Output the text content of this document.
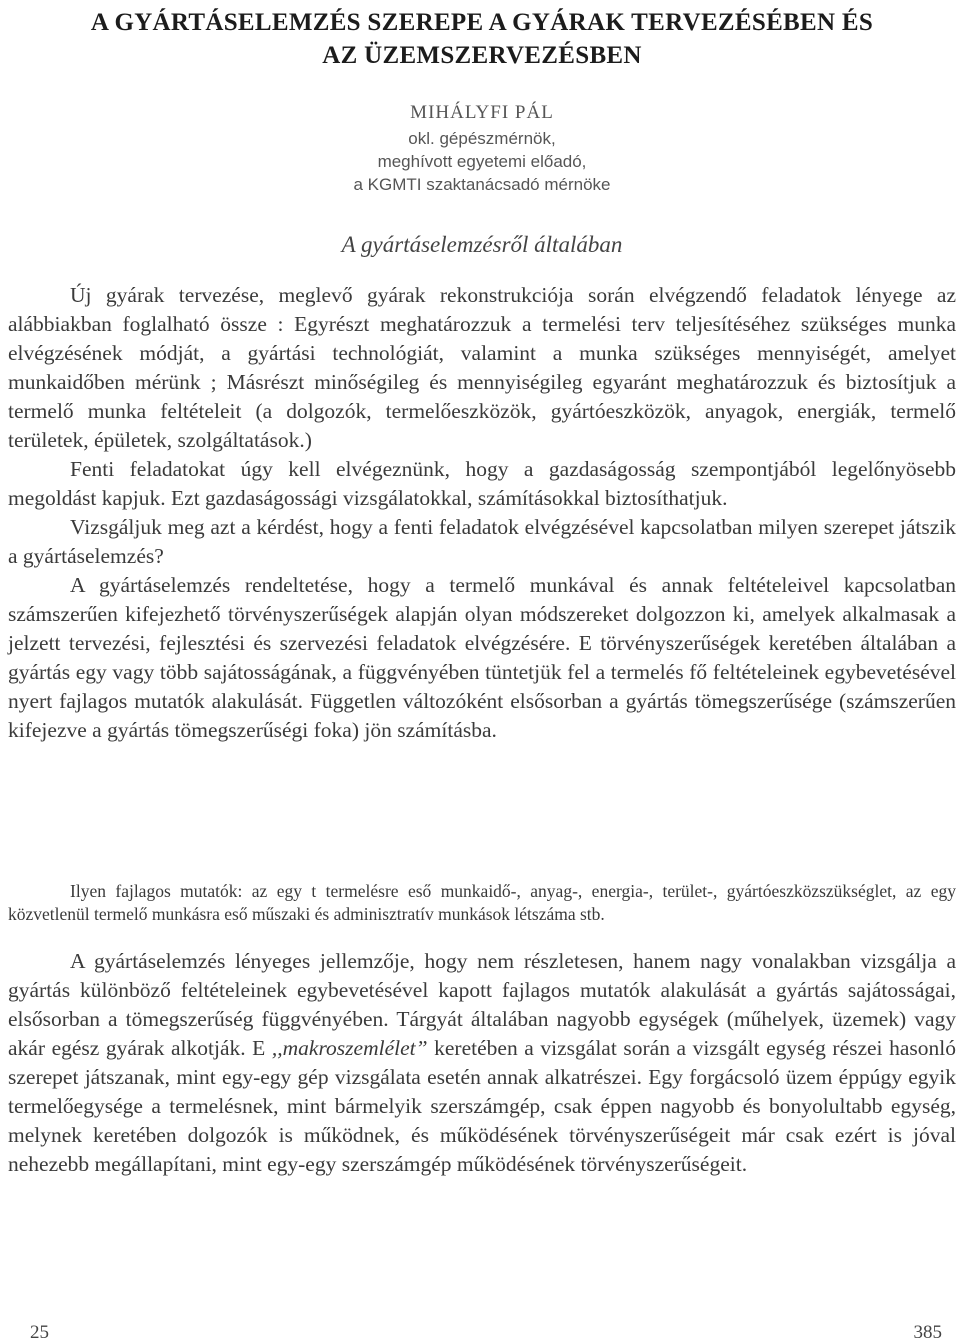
A GYÁRTÁSELEMZÉS SZEREPE A GYÁRAK TERVEZÉSÉBEN ÉS
AZ ÜZEMSZERVEZÉSBEN
MIHÁLYFI PÁL
okl. gépészmérnök,
meghívott egyetemi előadó,
a KGMTI szaktanácsadó mérnöke
A gyártáselemzésről általában

Új gyárak tervezése, meglevő gyárak rekonstrukciója során elvégzendő feladatok lényege az alábbiakban foglalható össze : Egyrészt meghatározzuk a termelési terv teljesítéséhez szükséges munka elvégzésének módját, a gyártási technológiát, valamint a munka szükséges mennyiségét, amelyet munkaidőben mérünk ; Másrészt minőségileg és mennyiségileg egyaránt meghatározzuk és biztosítjuk a termelő munka feltételeit (a dolgozók, termelőeszközök, gyártóeszközök, anyagok, energiák, termelő területek, épületek, szolgáltatások.)

Fenti feladatokat úgy kell elvégeznünk, hogy a gazdaságosság szempontjából legelőnyösebb megoldást kapjuk. Ezt gazdaságossági vizsgálatokkal, számításokkal biztosíthatjuk.

Vizsgáljuk meg azt a kérdést, hogy a fenti feladatok elvégzésével kapcsolatban milyen szerepet játszik a gyártáselemzés?

A gyártáselemzés rendeltetése, hogy a termelő munkával és annak feltételeivel kapcsolatban számszerűen kifejezhető törvényszerűségek alapján olyan módszereket dolgozzon ki, amelyek alkalmasak a jelzett tervezési, fejlesztési és szervezési feladatok elvégzésére. E törvényszerűségek keretében általában a gyártás egy vagy több sajátosságának, a függvényében tüntetjük fel a termelés fő feltételeinek egybevetésével nyert fajlagos mutatók alakulását. Független változóként elsősorban a gyártás tömegszerűsége (számszerűen kifejezve a gyártás tömegszerűségi foka) jön számításba.

Ilyen fajlagos mutatók: az egy t termelésre eső munkaidő-, anyag-, energia-, terület-, gyártóeszközszükséglet, az egy közvetlenül termelő munkásra eső műszaki és adminisztratív munkások létszáma stb.

A gyártáselemzés lényeges jellemzője, hogy nem részletesen, hanem nagy vonalakban vizsgálja a gyártás különböző feltételeinek egybevetésével kapott fajlagos mutatók alakulását a gyártás sajátosságai, elsősorban a tömegszerűség függvényében. Tárgyát általában nagyobb egységek (műhelyek, üzemek) vagy akár egész gyárak alkotják. E ,,makroszemlélet” keretében a vizsgálat során a vizsgált egység részei hasonló szerepet játszanak, mint egy-egy gép vizsgálata esetén annak alkatrészei. Egy forgácsoló üzem éppúgy egyik termelőegysége a termelésnek, mint bármelyik szerszámgép, csak éppen nagyobb és bonyolultabb egység, melynek keretében dolgozók is működnek, és működésének törvényszerűségeit már csak ezért is jóval nehezebb megállapítani, mint egy-egy szerszámgép működésének törvényszerűségeit.

25	385
